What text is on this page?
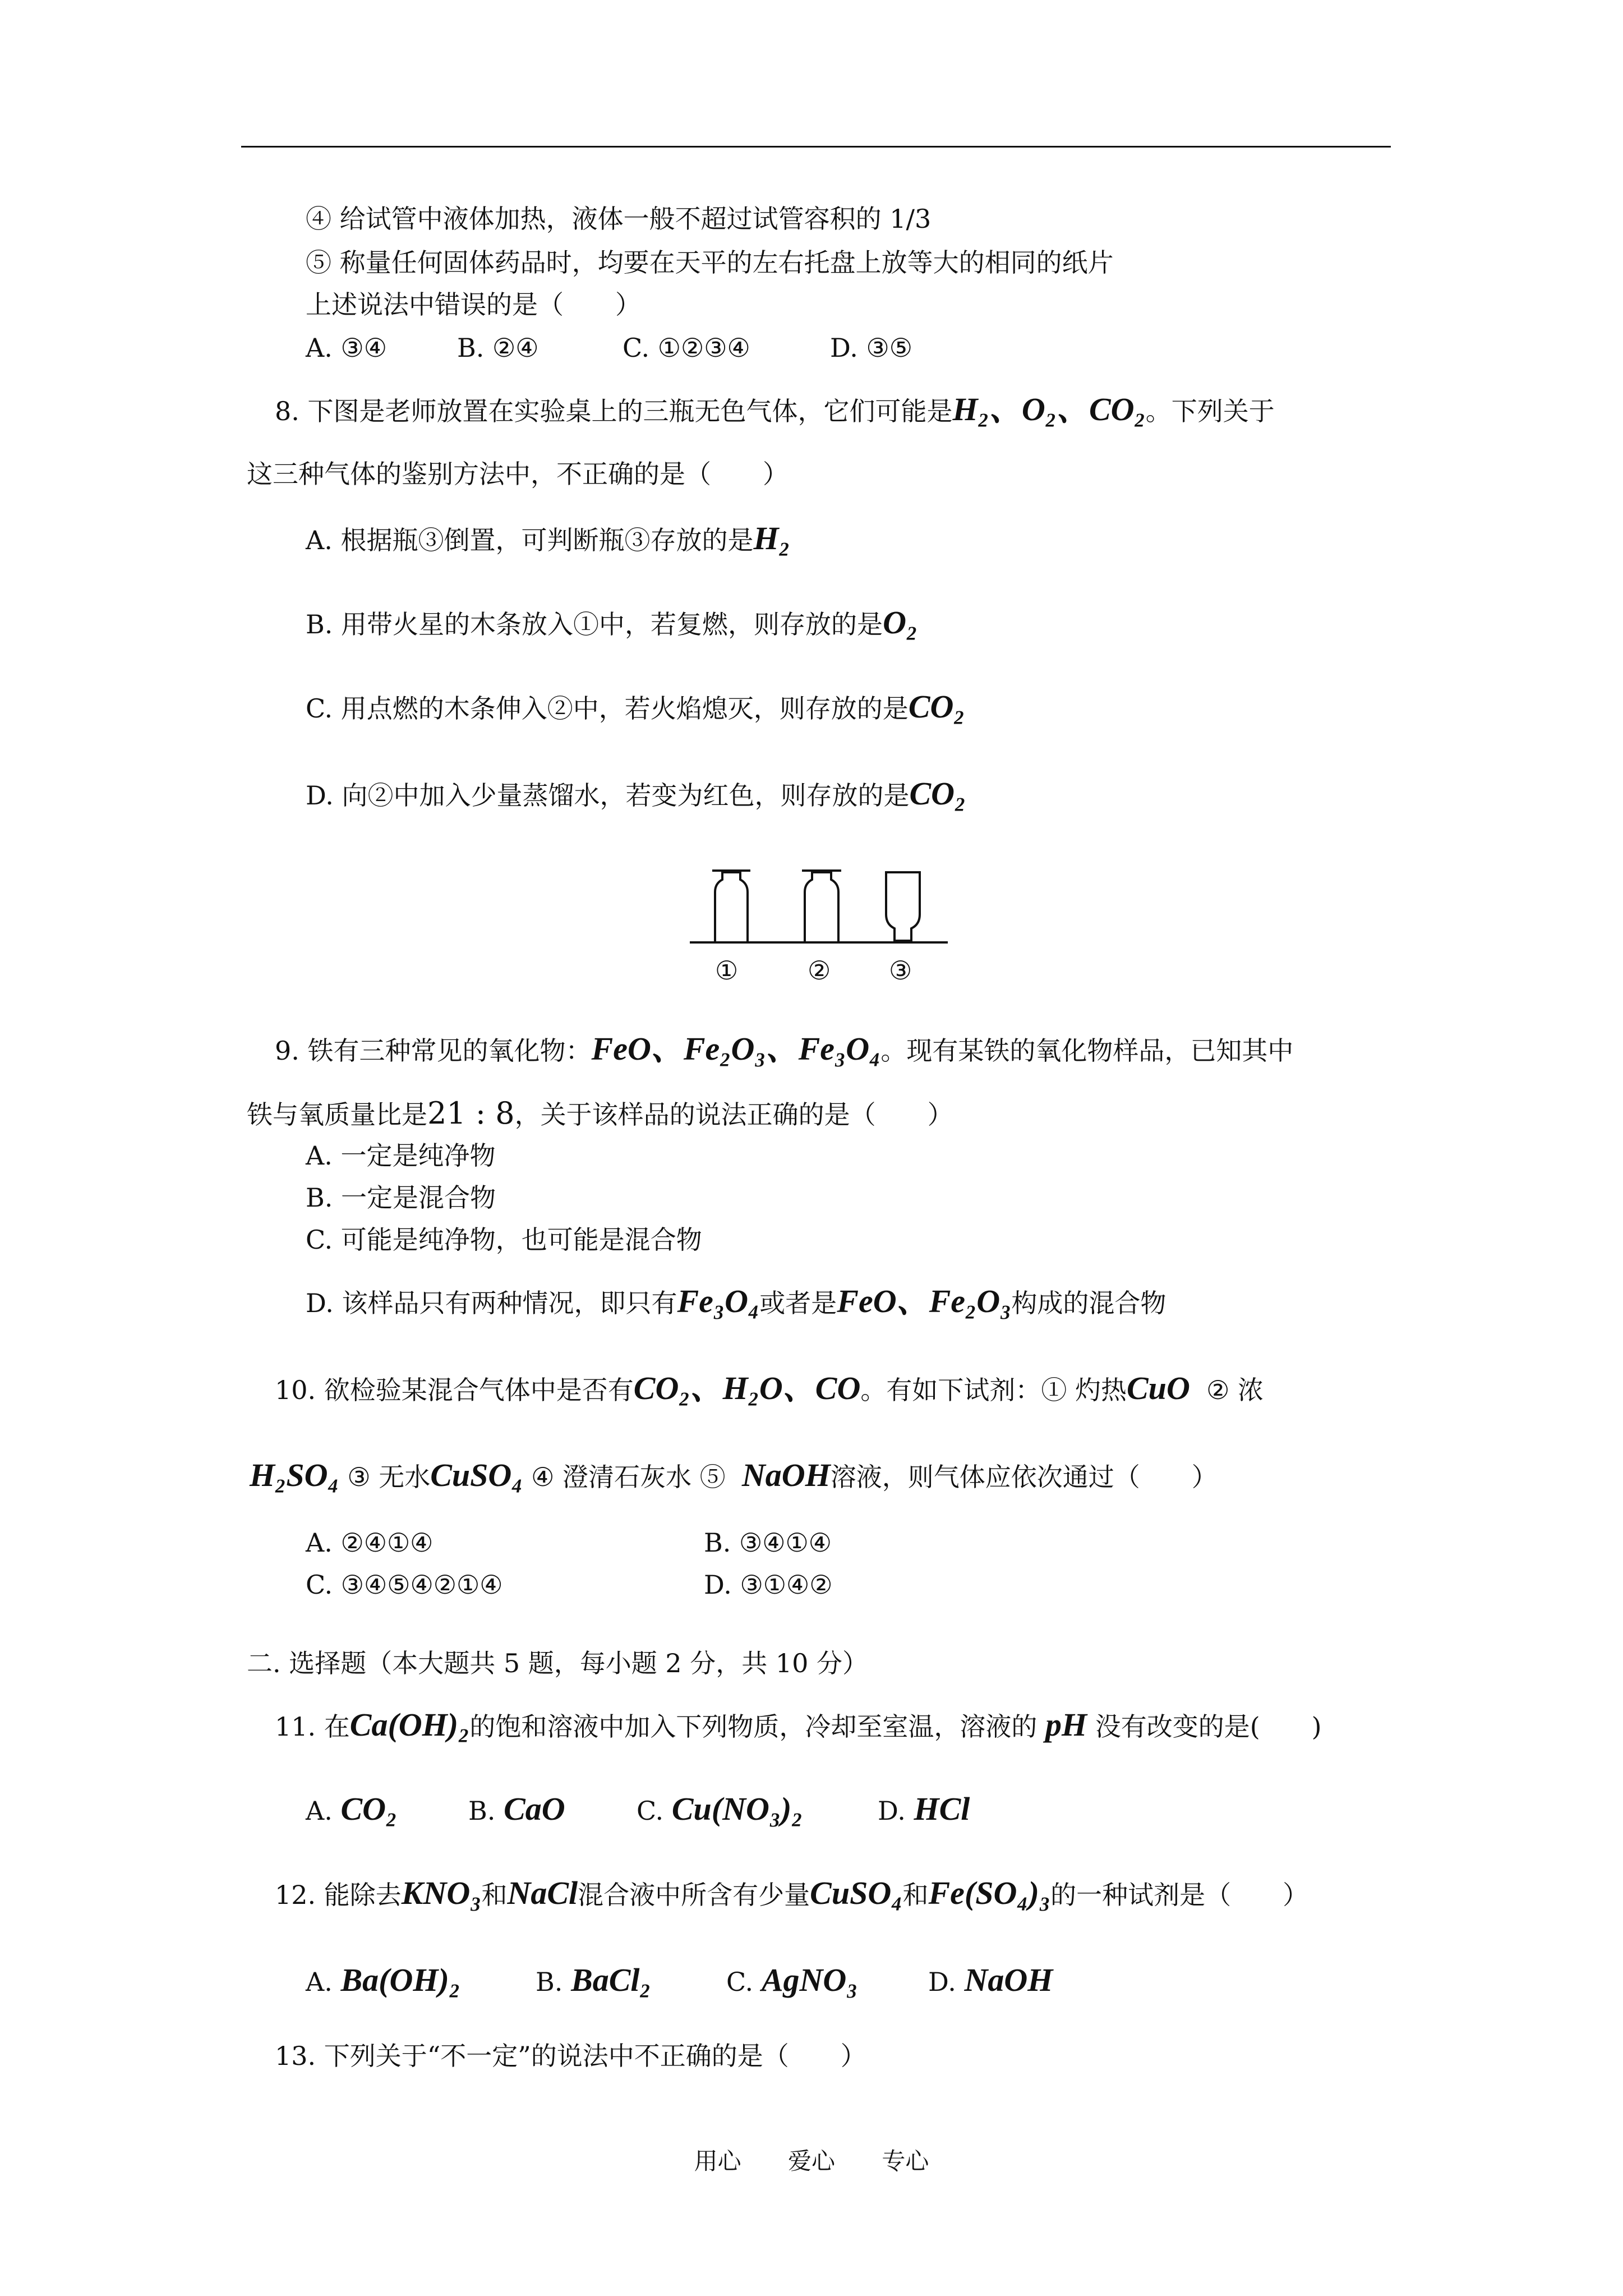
④ 给试管中液体加热，液体一般不超过试管容积的 1/3
⑤ 称量任何固体药品时，均要在天平的左右托盘上放等大的相同的纸片
上述说法中错误的是（　　）
A. ③④	B. ②④	C. ①②③④	D. ③⑤
8. 下图是老师放置在实验桌上的三瓶无色气体，它们可能是H₂、O₂、CO₂。下列关于
这三种气体的鉴别方法中，不正确的是（　　）
A. 根据瓶③倒置，可判断瓶③存放的是H₂
B. 用带火星的木条放入①中，若复燃，则存放的是O₂
C. 用点燃的木条伸入②中，若火焰熄灭，则存放的是CO₂
D. 向②中加入少量蒸馏水，若变为红色，则存放的是CO₂
①	② ③
9. 铁有三种常见的氧化物：FeO、Fe₂O₃、Fe₃O₄。现有某铁的氧化物样品，已知其中
铁与氧质量比是21 : 8，关于该样品的说法正确的是（　　）
A. 一定是纯净物
B. 一定是混合物
C. 可能是纯净物，也可能是混合物
D. 该样品只有两种情况，即只有Fe₃O₄或者是FeO、Fe₂O₃构成的混合物
10. 欲检验某混合气体中是否有CO₂、H₂O、CO。有如下试剂：① 灼热CuO ② 浓
H₂SO₄ ③ 无水CuSO₄ ④ 澄清石灰水 ⑤ NaOH溶液，则气体应依次通过（　　）
A. ②④①④	B. ③④①④
C. ③④⑤④②①④	D. ③①④②
二. 选择题（本大题共 5 题，每小题 2 分，共 10 分）
11. 在Ca(OH)₂的饱和溶液中加入下列物质，冷却至室温，溶液的 pH 没有改变的是(　　)
A. CO₂	B. CaO	C. Cu(NO₃)₂	D. HCl
12. 能除去KNO₃和NaCl混合液中所含有少量CuSO₄和Fe(SO₄)₃的一种试剂是（　　）
A. Ba(OH)₂	B. BaCl₂	C. AgNO₃	D. NaOH
13. 下列关于“不一定”的说法中不正确的是（　　）
用心 爱心 专心
